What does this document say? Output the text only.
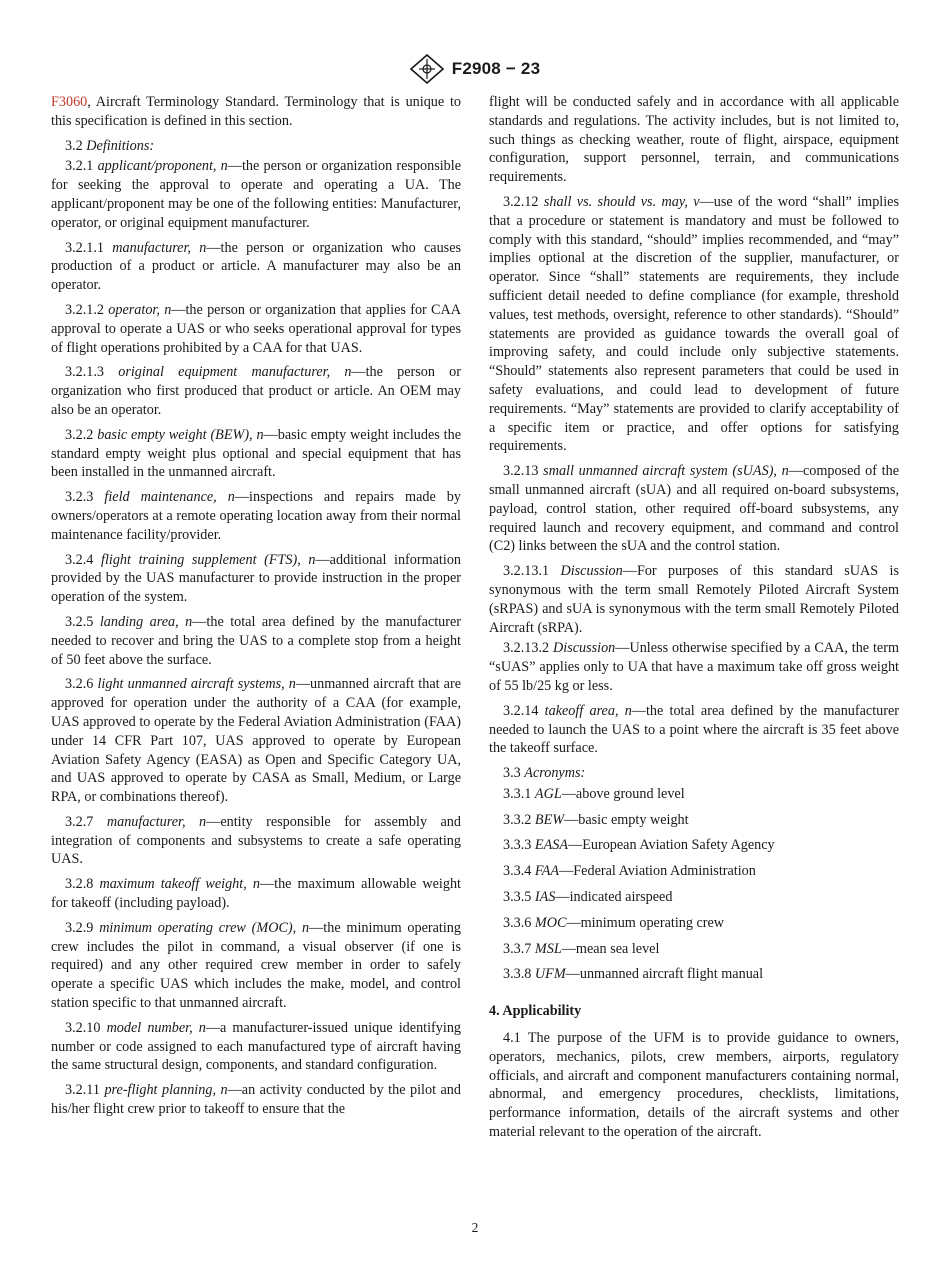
F2908 − 23

F3060, Aircraft Terminology Standard. Terminology that is unique to this specification is defined in this section.

3.2 Definitions:

3.2.1 applicant/proponent, n—the person or organization responsible for seeking the approval to operate and operating a UA. The applicant/proponent may be one of the following entities: Manufacturer, operator, or original equipment manufacturer.

3.2.1.1 manufacturer, n—the person or organization who causes production of a product or article. A manufacturer may also be an operator.

3.2.1.2 operator, n—the person or organization that applies for CAA approval to operate a UAS or who seeks operational approval for types of flight operations prohibited by a CAA for that UAS.

3.2.1.3 original equipment manufacturer, n—the person or organization who first produced that product or article. An OEM may also be an operator.

3.2.2 basic empty weight (BEW), n—basic empty weight includes the standard empty weight plus optional and special equipment that has been installed in the unmanned aircraft.

3.2.3 field maintenance, n—inspections and repairs made by owners/operators at a remote operating location away from their normal maintenance facility/provider.

3.2.4 flight training supplement (FTS), n—additional information provided by the UAS manufacturer to provide instruction in the proper operation of the system.

3.2.5 landing area, n—the total area defined by the manufacturer needed to recover and bring the UAS to a complete stop from a height of 50 feet above the surface.

3.2.6 light unmanned aircraft systems, n—unmanned aircraft that are approved for operation under the authority of a CAA (for example, UAS approved to operate by the Federal Aviation Administration (FAA) under 14 CFR Part 107, UAS approved to operate by European Aviation Safety Agency (EASA) as Open and Specific Category UA, and UAS approved to operate by CASA as Small, Medium, or Large RPA, or combinations thereof).

3.2.7 manufacturer, n—entity responsible for assembly and integration of components and subsystems to create a safe operating UAS.

3.2.8 maximum takeoff weight, n—the maximum allowable weight for takeoff (including payload).

3.2.9 minimum operating crew (MOC), n—the minimum operating crew includes the pilot in command, a visual observer (if one is required) and any other required crew member in order to safely operate a specific UAS which includes the make, model, and control station specific to that unmanned aircraft.

3.2.10 model number, n—a manufacturer-issued unique identifying number or code assigned to each manufactured type of aircraft having the same structural design, components, and standard configuration.

3.2.11 pre-flight planning, n—an activity conducted by the pilot and his/her flight crew prior to takeoff to ensure that the

flight will be conducted safely and in accordance with all applicable standards and regulations. The activity includes, but is not limited to, such things as checking weather, route of flight, airspace, equipment configuration, support personnel, terrain, and communications requirements.

3.2.12 shall vs. should vs. may, v—use of the word “shall” implies that a procedure or statement is mandatory and must be followed to comply with this standard, “should” implies recommended, and “may” implies optional at the discretion of the supplier, manufacturer, or operator. Since “shall” statements are requirements, they include sufficient detail needed to define compliance (for example, threshold values, test methods, oversight, reference to other standards). “Should” statements are provided as guidance towards the overall goal of improving safety, and could include only subjective statements. “Should” statements also represent parameters that could be used in safety evaluations, and could lead to development of future requirements. “May” statements are provided to clarify acceptability of a specific item or practice, and offer options for satisfying requirements.

3.2.13 small unmanned aircraft system (sUAS), n—composed of the small unmanned aircraft (sUA) and all required on-board subsystems, payload, control station, other required off-board subsystems, any required launch and recovery equipment, and command and control (C2) links between the sUA and the control station.

3.2.13.1 Discussion—For purposes of this standard sUAS is synonymous with the term small Remotely Piloted Aircraft System (sRPAS) and sUA is synonymous with the term small Remotely Piloted Aircraft (sRPA).

3.2.13.2 Discussion—Unless otherwise specified by a CAA, the term “sUAS” applies only to UA that have a maximum take off gross weight of 55 lb/25 kg or less.

3.2.14 takeoff area, n—the total area defined by the manufacturer needed to launch the UAS to a point where the aircraft is 35 feet above the takeoff surface.

3.3 Acronyms:

3.3.1 AGL—above ground level

3.3.2 BEW—basic empty weight

3.3.3 EASA—European Aviation Safety Agency

3.3.4 FAA—Federal Aviation Administration

3.3.5 IAS—indicated airspeed

3.3.6 MOC—minimum operating crew

3.3.7 MSL—mean sea level

3.3.8 UFM—unmanned aircraft flight manual

4. Applicability

4.1 The purpose of the UFM is to provide guidance to owners, operators, mechanics, pilots, crew members, airports, regulatory officials, and aircraft and component manufacturers containing normal, abnormal, and emergency procedures, checklists, limitations, performance information, details of the aircraft systems and other material relevant to the operation of the aircraft.

2
